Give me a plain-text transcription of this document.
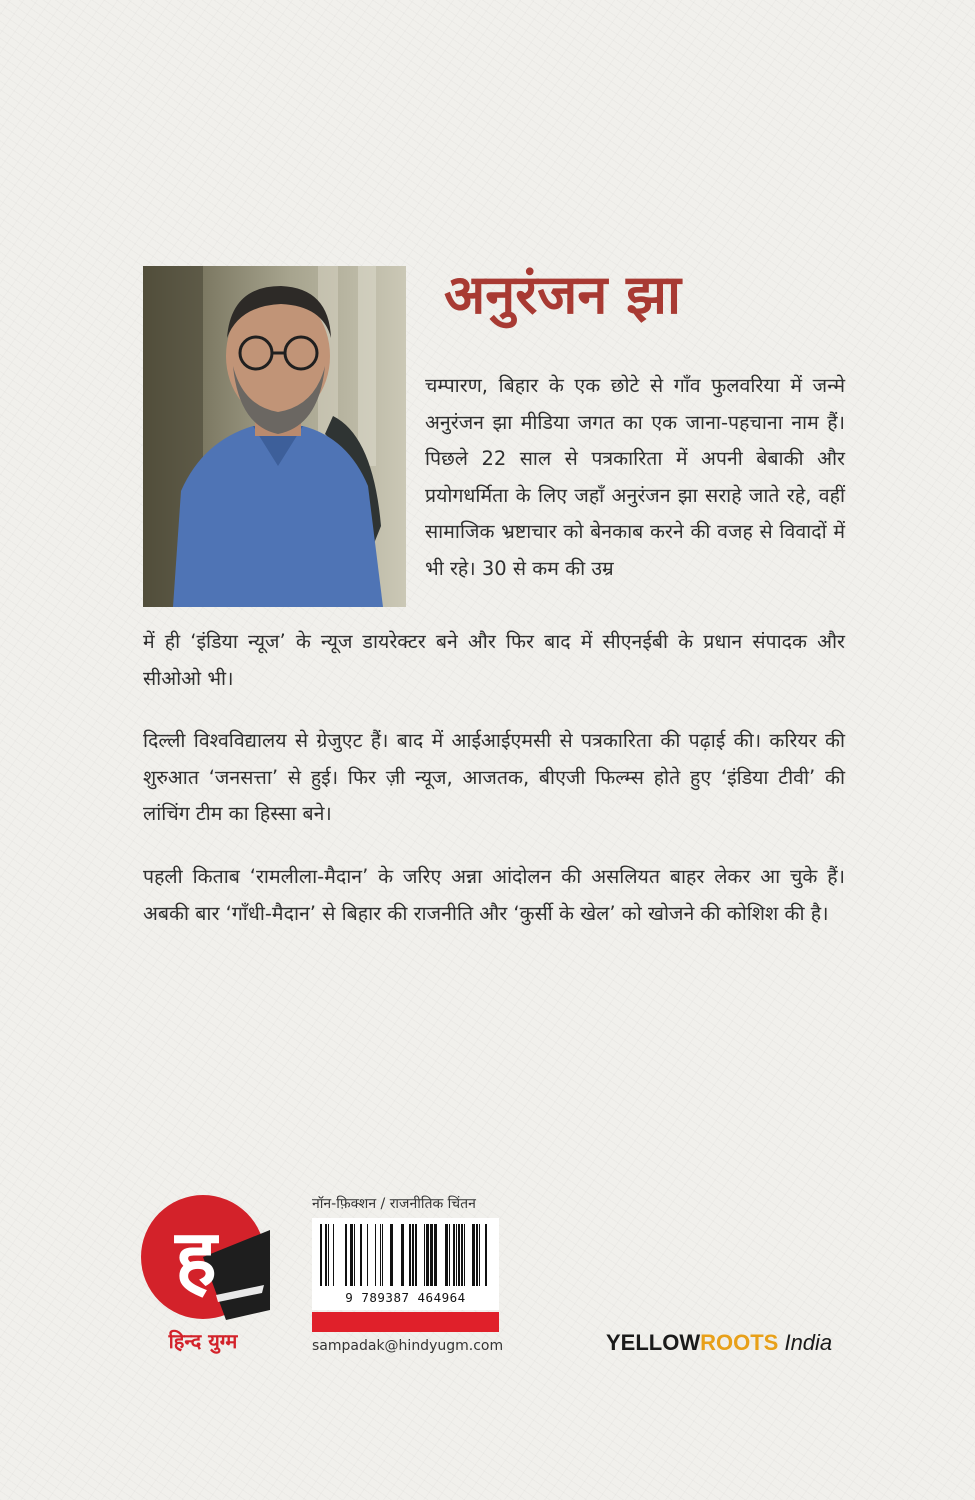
अनुरंजन झा
चम्पारण, बिहार के एक छोटे से गाँव फुलवरिया में जन्मे अनुरंजन झा मीडिया जगत का एक जाना-पहचाना नाम हैं। पिछले 22 साल से पत्रकारिता में अपनी बेबाकी और प्रयोगधर्मिता के लिए जहाँ अनुरंजन झा सराहे जाते रहे, वहीं सामाजिक भ्रष्टाचार को बेनकाब करने की वजह से विवादों में भी रहे। 30 से कम की उम्र
में ही ‘इंडिया न्यूज’ के न्यूज डायरेक्टर बने और फिर बाद में सीएनईबी के प्रधान संपादक और सीओओ भी।
दिल्ली विश्वविद्यालय से ग्रेजुएट हैं। बाद में आईआईएमसी से पत्रकारिता की पढ़ाई की। करियर की शुरुआत ‘जनसत्ता’ से हुई। फिर ज़ी न्यूज, आजतक, बीएजी फिल्म्स होते हुए ‘इंडिया टीवी’ की लांचिंग टीम का हिस्सा बने।
पहली किताब ‘रामलीला-मैदान’ के जरिए अन्ना आंदोलन की असलियत बाहर लेकर आ चुके हैं। अबकी बार ‘गाँधी-मैदान’ से बिहार की राजनीति और ‘कुर्सी के खेल’ को खोजने की कोशिश की है।
ह
हिन्द युग्म
नॉन-फ़िक्शन / राजनीतिक चिंतन
9 789387 464964
sampadak@hindyugm.com	YELLOWROOTS India
